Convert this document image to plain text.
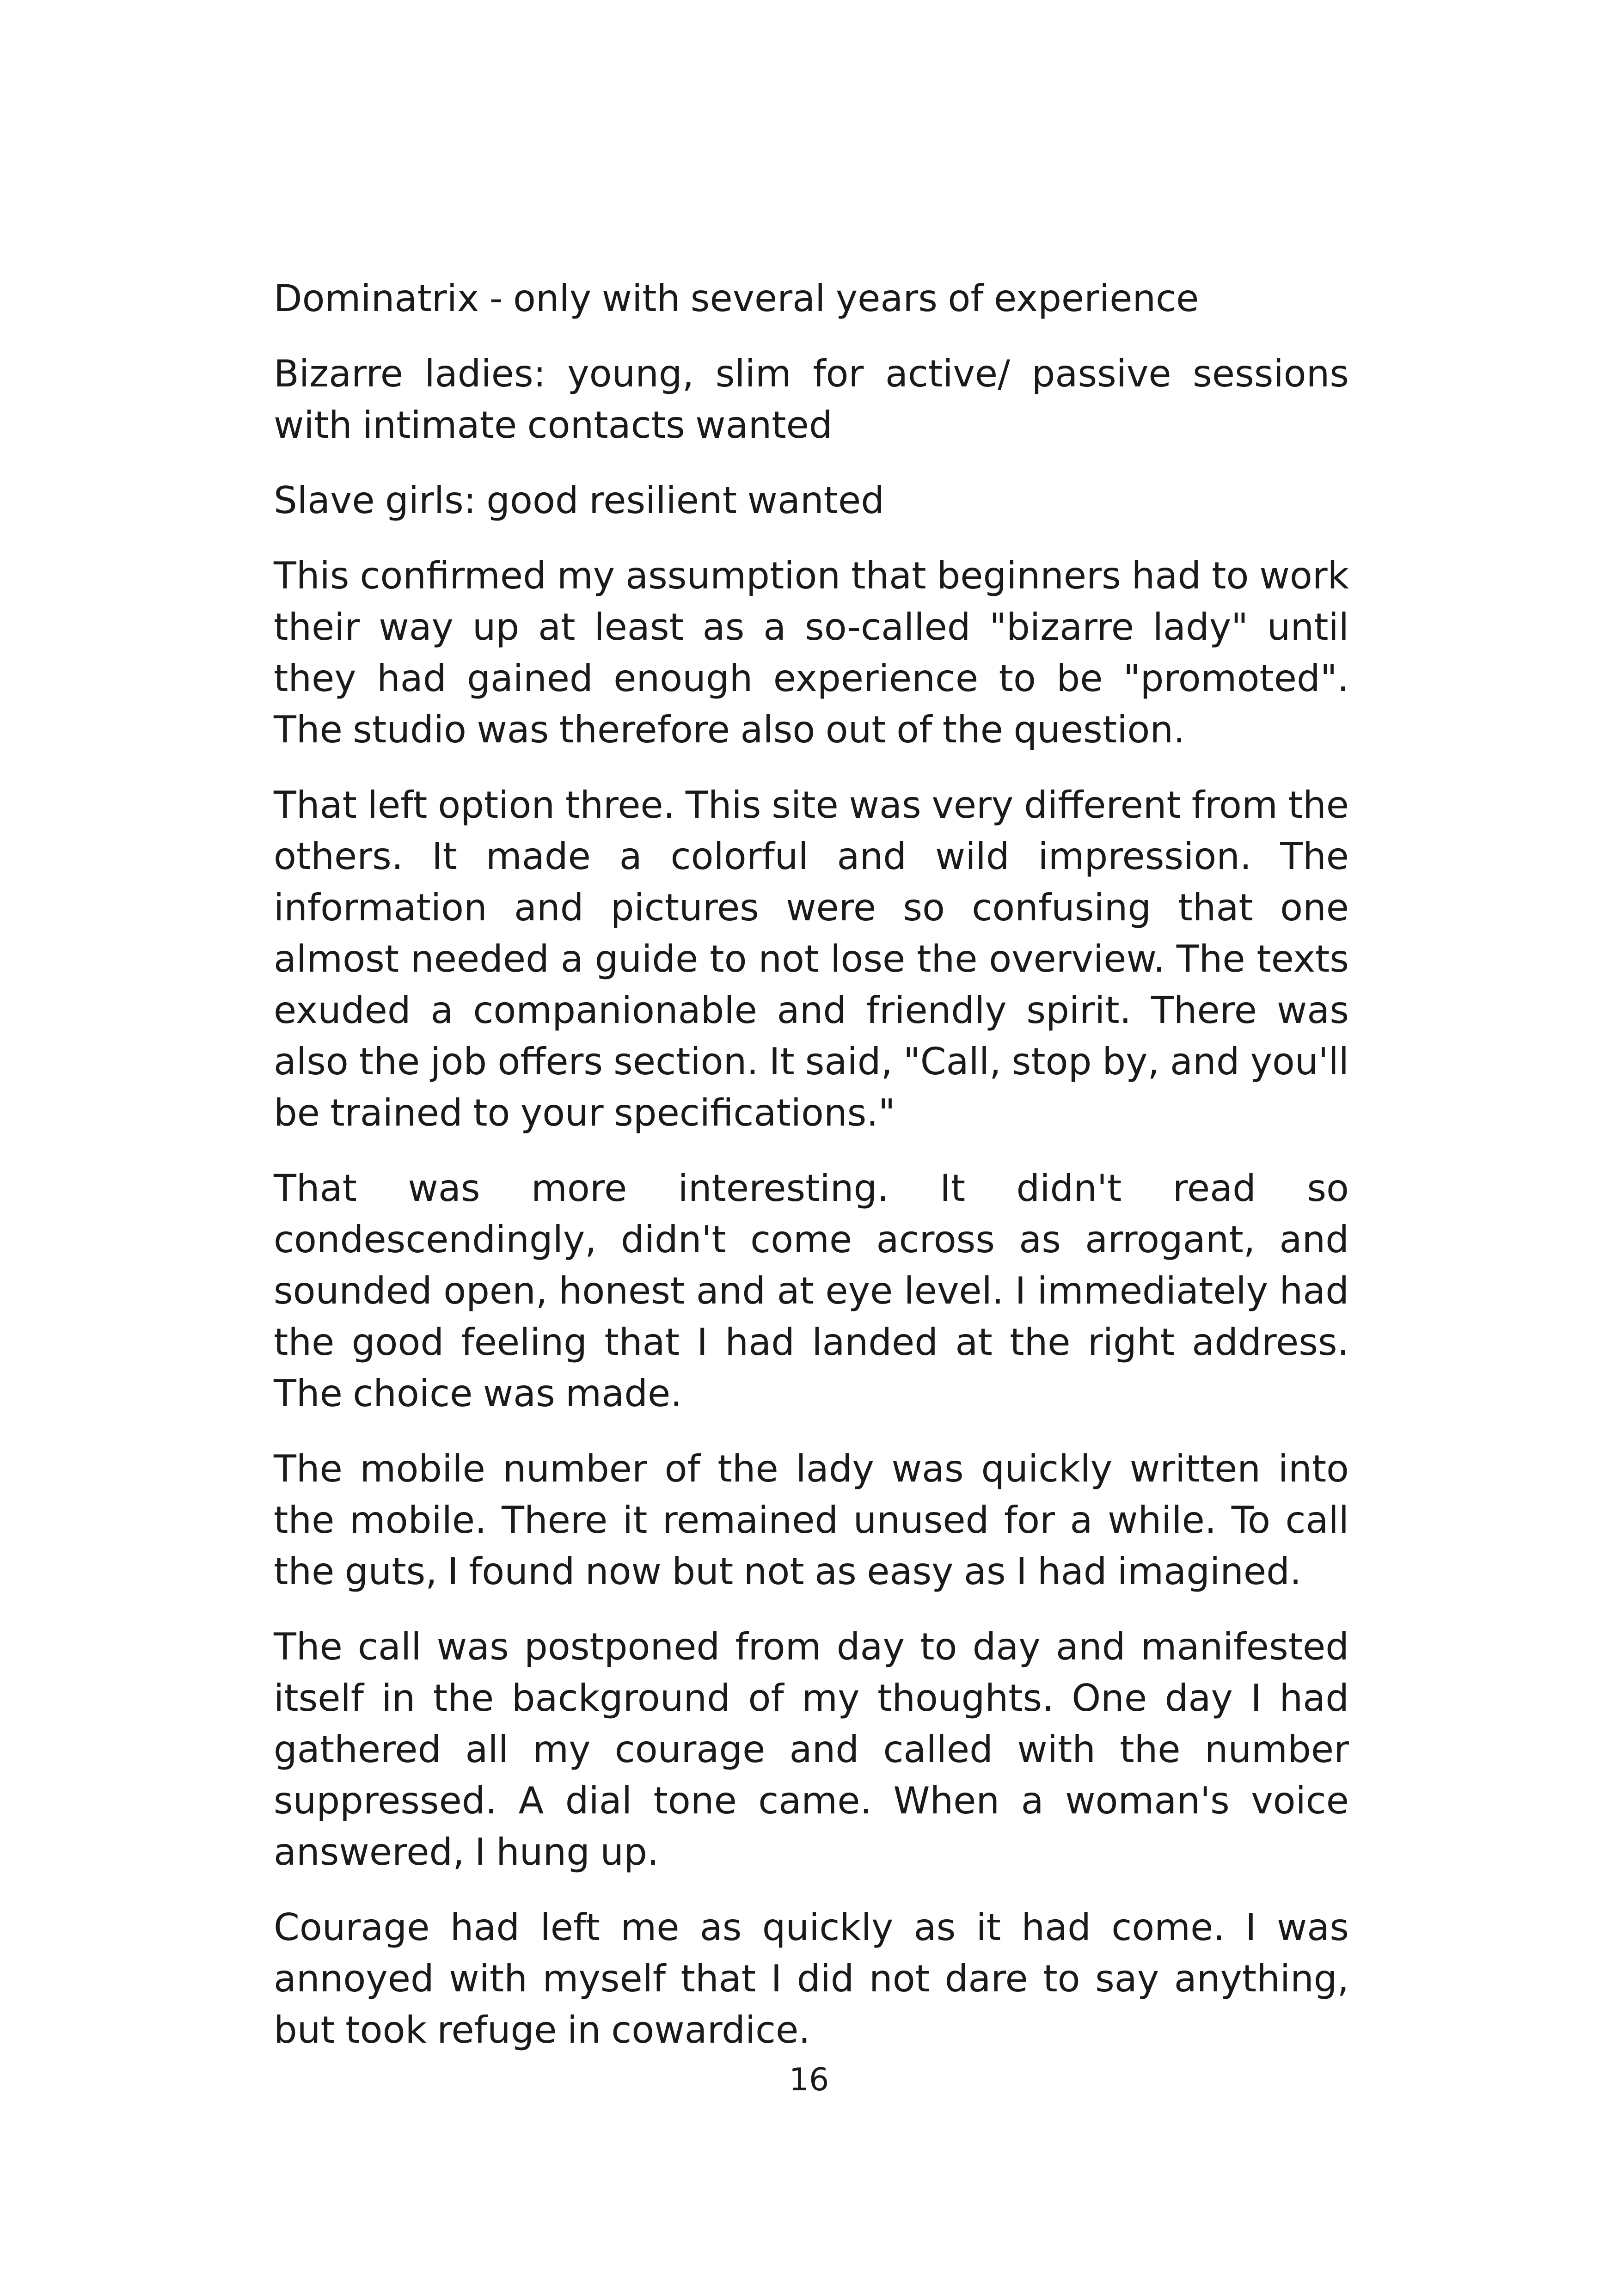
Dominatrix - only with several years of experience

Bizarre ladies: young, slim for active/ passive sessions with intimate contacts wanted

Slave girls: good resilient wanted

This confirmed my assumption that beginners had to work their way up at least as a so-called "bizarre lady" until they had gained enough experience to be "promoted". The studio was therefore also out of the question.

That left option three. This site was very different from the others. It made a colorful and wild impression. The information and pictures were so confusing that one almost needed a guide to not lose the overview. The texts exuded a companionable and friendly spirit. There was also the job offers section. It said, "Call, stop by, and you'll be trained to your specifications."

That was more interesting. It didn't read so condescendingly, didn't come across as arrogant, and sounded open, honest and at eye level. I immediately had the good feeling that I had landed at the right address. The choice was made.

The mobile number of the lady was quickly written into the mobile. There it remained unused for a while. To call the guts, I found now but not as easy as I had imagined.

The call was postponed from day to day and manifested itself in the background of my thoughts. One day I had gathered all my courage and called with the number suppressed. A dial tone came. When a woman's voice answered, I hung up.

Courage had left me as quickly as it had come. I was annoyed with myself that I did not dare to say anything, but took refuge in cowardice.

16
